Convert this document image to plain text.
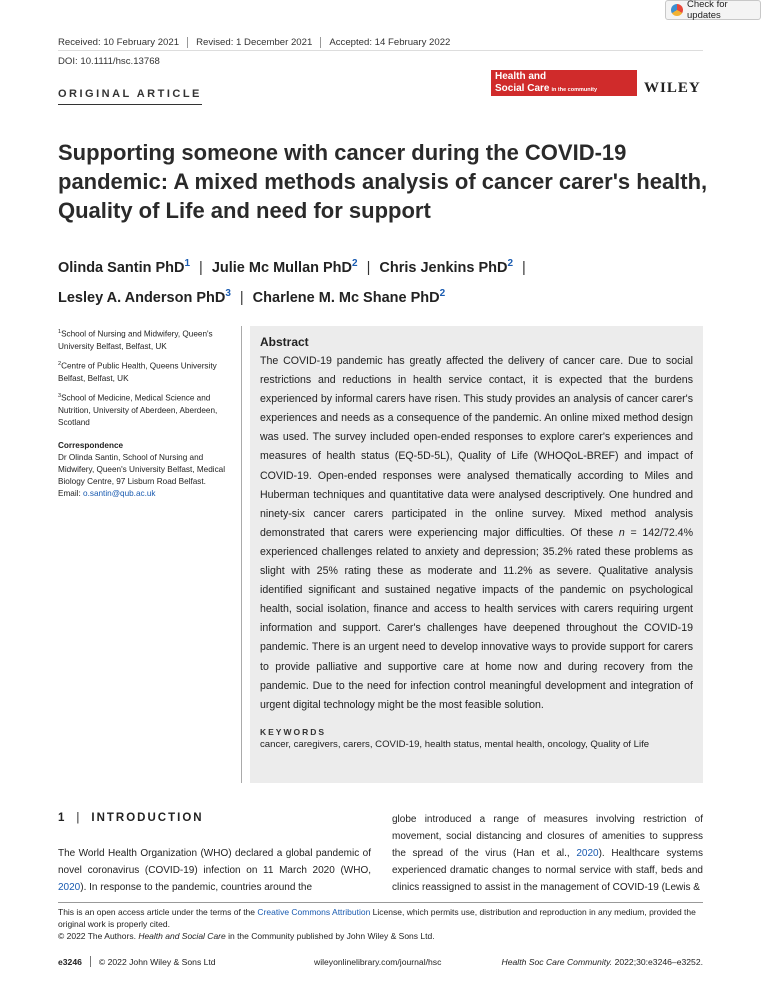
Check for updates
Received: 10 February 2021 Revised: 1 December 2021 Accepted: 14 February 2022
DOI: 10.1111/hsc.13768
ORIGINAL ARTICLE
Health and
Social Care in the community	WILEY
Supporting someone with cancer during the COVID-19 pandemic: A mixed methods analysis of cancer carer's health, Quality of Life and need for support
Olinda Santin PhD$^1$ | Julie Mc Mullan PhD$^2$ | Chris Jenkins PhD$^2$ |
Lesley A. Anderson PhD$^3$ | Charlene M. Mc Shane PhD$^2$

$^1$School of Nursing and Midwifery, Queen's University Belfast, Belfast, UK

$^2$Centre of Public Health, Queens University Belfast, Belfast, UK

$^3$School of Medicine, Medical Science and Nutrition, University of Aberdeen, Aberdeen, Scotland

Correspondence

Dr Olinda Santin, School of Nursing and Midwifery, Queen's University Belfast, Medical Biology Centre, 97 Lisburn Road Belfast.
Email: o.santin@qub.ac.uk

Abstract

The COVID-19 pandemic has greatly affected the delivery of cancer care. Due to social restrictions and reductions in health service contact, it is expected that the burdens experienced by informal carers have risen. This study provides an analysis of cancer carer's experiences and needs as a consequence of the pandemic. An online mixed method design was used. The survey included open-ended responses to explore carer's experiences and measures of health status (EQ-5D-5L), Quality of Life (WHOQoL-BREF) and impact of COVID-19. Open-ended responses were analysed thematically according to Miles and Huberman techniques and quantitative data were analysed descriptively. One hundred and ninety-six cancer carers participated in the online survey. Mixed method analysis demonstrated that carers were experiencing major difficulties. Of these n = 142/72.4% experienced challenges related to anxiety and depression; 35.2% rated these problems as slight with 25% rating these as moderate and 11.2% as severe. Qualitative analysis identified significant and sustained negative impacts of the pandemic on psychological health, social isolation, finance and access to health services with carers requiring urgent information and support. Carer's challenges have deepened throughout the COVID-19 pandemic. There is an urgent need to develop innovative ways to provide support for carers to provide palliative and supportive care at home now and during recovery from the pandemic. Due to the need for infection control meaningful development and integration of urgent digital technology might be the most feasible solution.

KEYWORDS
cancer, caregivers, carers, COVID-19, health status, mental health, oncology, Quality of Life
1 | INTRODUCTION

The World Health Organization (WHO) declared a global pandemic of novel coronavirus (COVID-19) infection on 11 March 2020 (WHO, 2020). In response to the pandemic, countries around the

globe introduced a range of measures involving restriction of movement, social distancing and closures of amenities to suppress the spread of the virus (Han et al., 2020). Healthcare systems experienced dramatic changes to normal service with staff, beds and clinics reassigned to assist in the management of COVID-19 (Lewis &

This is an open access article under the terms of the Creative Commons Attribution License, which permits use, distribution and reproduction in any medium, provided the original work is properly cited.
© 2022 The Authors. Health and Social Care in the Community published by John Wiley & Sons Ltd.
e3246 © 2022 John Wiley & Sons Ltd	wileyonlinelibrary.com/journal/hsc	Health Soc Care Community. 2022;30:e3246–e3252.
